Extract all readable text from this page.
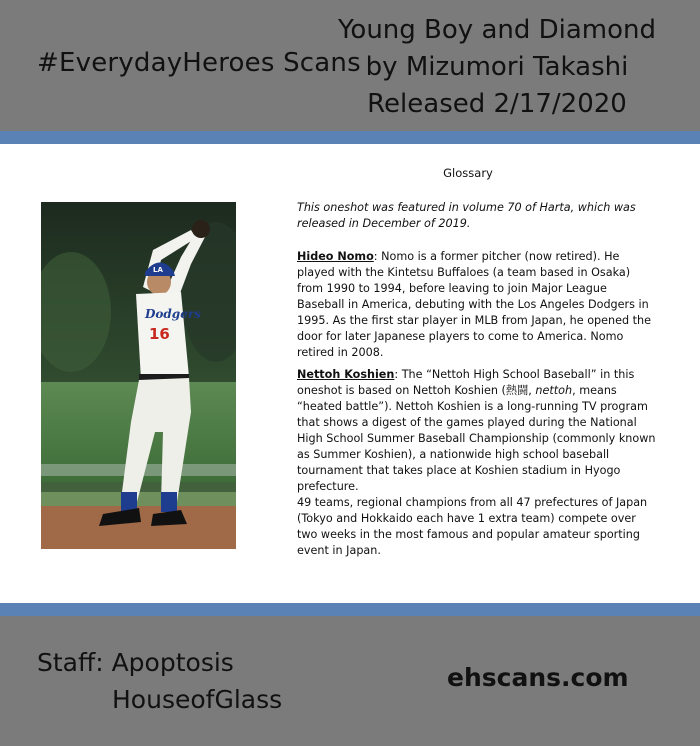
#EverydayHeroes Scans
Young Boy and Diamond
by Mizumori Takashi
Released 2/17/2020
LA
Dodgers
16
Glossary

This oneshot was featured in volume 70 of Harta, which was released in December of 2019.

Hideo Nomo: Nomo is a former pitcher (now retired). He played with the Kintetsu Buffaloes (a team based in Osaka) from 1990 to 1994, before leaving to join Major League Baseball in America, debuting with the Los Angeles Dodgers in 1995. As the first star player in MLB from Japan, he opened the door for later Japanese players to come to America. Nomo retired in 2008.

Nettoh Koshien: The “Nettoh High School Baseball” in this oneshot is based on Nettoh Koshien (熱闘, nettoh, means “heated battle”). Nettoh Koshien is a long-running TV program that shows a digest of the games played during the National High School Summer Baseball Championship (commonly known as Summer Koshien), a nationwide high school baseball tournament that takes place at Koshien stadium in Hyogo prefecture.
49 teams, regional champions from all 47 prefectures of Japan (Tokyo and Hokkaido each have 1 extra team) compete over two weeks in the most famous and popular amateur sporting event in Japan.

Staff: Apoptosis
HouseofGlass
ehscans.com
